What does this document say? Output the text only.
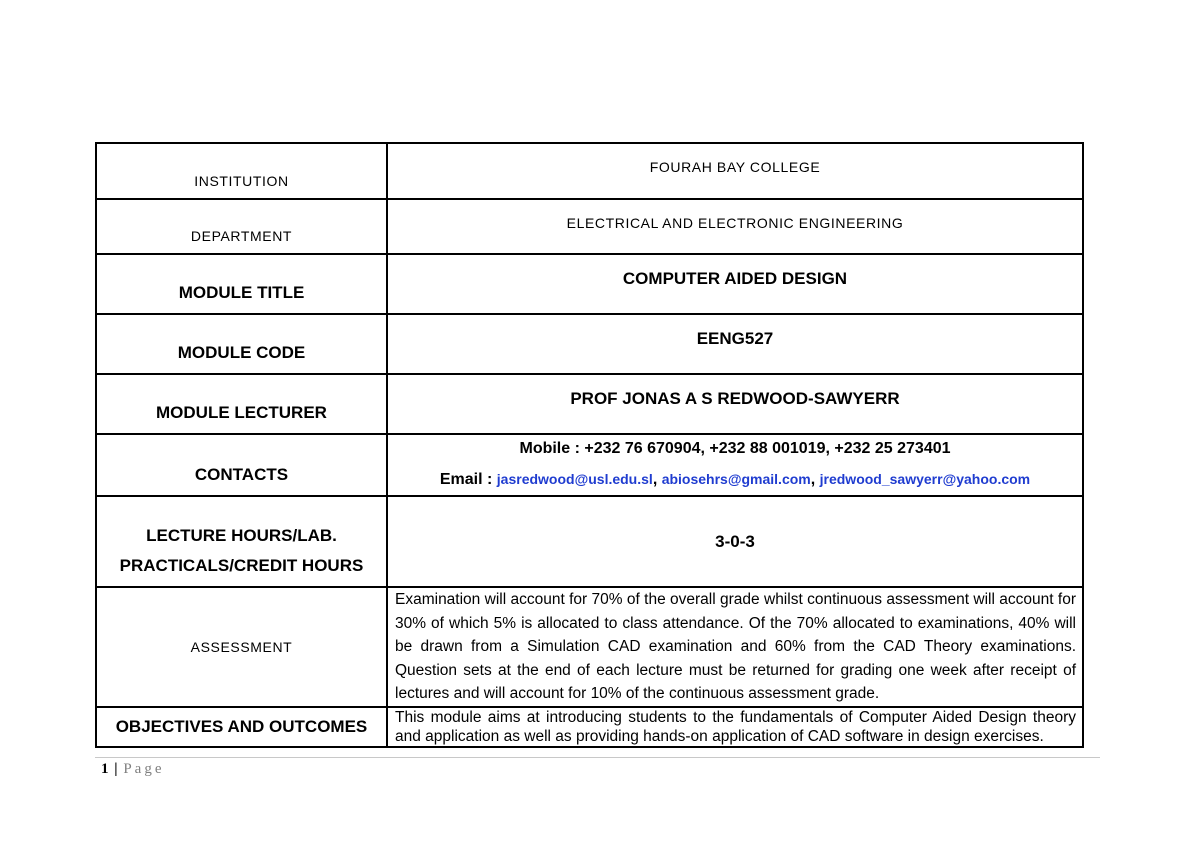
INSTITUTION	FOURAH BAY COLLEGE

DEPARTMENT	ELECTRICAL AND ELECTRONIC ENGINEERING

MODULE TITLE	COMPUTER AIDED DESIGN

MODULE CODE	EENG527

MODULE LECTURER	PROF JONAS A S REDWOOD-SAWYERR

CONTACTS	Mobile : +232 76 670904, +232 88 001019, +232 25 273401
Email : jasredwood@usl.edu.sl, abiosehrs@gmail.com, jredwood_sawyerr@yahoo.com

LECTURE HOURS/LAB.
PRACTICALS/CREDIT HOURS	3-0-3

ASSESSMENT	Examination will account for 70% of the overall grade whilst continuous assessment will account for 30% of which 5% is allocated to class attendance. Of the 70% allocated to examinations, 40% will be drawn from a Simulation CAD examination and 60% from the CAD Theory examinations. Question sets at the end of each lecture must be returned for grading one week after receipt of lectures and will account for 10% of the continuous assessment grade.

OBJECTIVES AND OUTCOMES	This module aims at introducing students to the fundamentals of Computer Aided Design theory and application as well as providing hands-on application of CAD software in design exercises.
1 | Page
